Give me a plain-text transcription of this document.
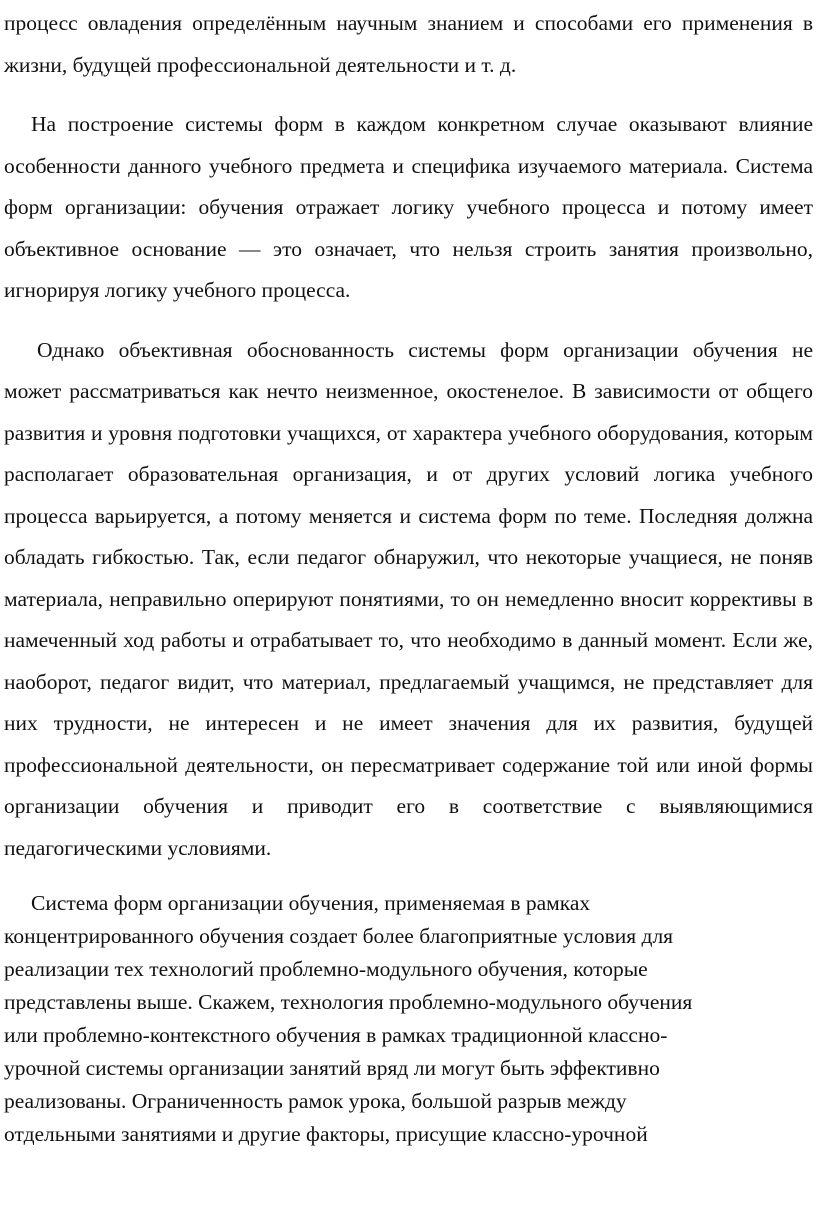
процесс овладения определённым научным знанием и способами его применения в жизни, будущей профессиональной деятельности и т. д.

На построение системы форм в каждом конкретном случае оказывают влияние особенности данного учебного предмета и специфика изучаемого материала. Система форм организации: обучения отражает логику учебного процесса и потому имеет объективное основание — это означает, что нельзя строить занятия произвольно, игнорируя логику учебного процесса.

Однако объективная обоснованность системы форм организации обучения не может рассматриваться как нечто неизменное, окостенелое. В зависимости от общего развития и уровня подготовки учащихся, от характера учебного оборудования, которым располагает образовательная организация, и от других условий логика учебного процесса варьируется, а потому меняется и система форм по теме. Последняя должна обладать гибкостью. Так, если педагог обнаружил, что некоторые учащиеся, не поняв материала, неправильно оперируют понятиями, то он немедленно вносит коррективы в намеченный ход работы и отрабатывает то, что необходимо в данный момент. Если же, наоборот, педагог видит, что материал, предлагаемый учащимся, не представляет для них трудности, не интересен и не имеет значения для их развития, будущей профессиональной деятельности, он пересматривает содержание той или иной формы организации обучения и приводит его в соответствие с выявляющимися педагогическими условиями.

Система форм организации обучения, применяемая в рамках
концентрированного обучения создает более благоприятные условия для
реализации тех технологий проблемно-модульного обучения, которые
представлены выше. Скажем, технология проблемно-модульного обучения
или проблемно-контекстного обучения в рамках традиционной классно-
урочной системы организации занятий вряд ли могут быть эффективно
реализованы. Ограниченность рамок урока, большой разрыв между
отдельными занятиями и другие факторы, присущие классно-урочной
